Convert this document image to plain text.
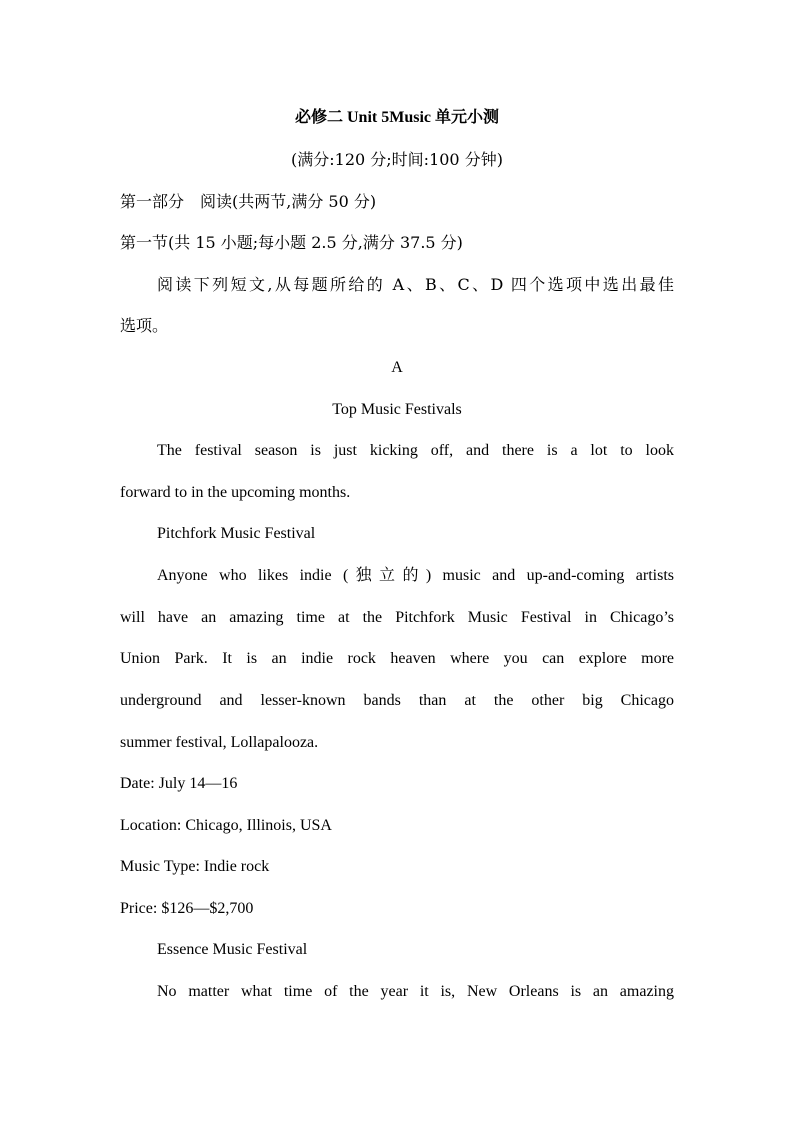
必修二 Unit 5Music 单元小测
(满分:120 分;时间:100 分钟)
第一部分　阅读(共两节,满分 50 分)
第一节(共 15 小题;每小题 2.5 分,满分 37.5 分)
阅读下列短文,从每题所给的 A、B、C、D 四个选项中选出最佳
选项。
A
Top Music Festivals
The festival season is just kicking off, and there is a lot to look
forward to in the upcoming months.
Pitchfork Music Festival
Anyone who likes indie (独立的) music and up-and-coming artists
will have an amazing time at the Pitchfork Music Festival in Chicago’s
Union Park. It is an indie rock heaven where you can explore more
underground and lesser-known bands than at the other big Chicago
summer festival, Lollapalooza.
Date: July 14—16
Location: Chicago, Illinois, USA
Music Type: Indie rock
Price: $126—$2,700
Essence Music Festival
No matter what time of the year it is, New Orleans is an amazing
